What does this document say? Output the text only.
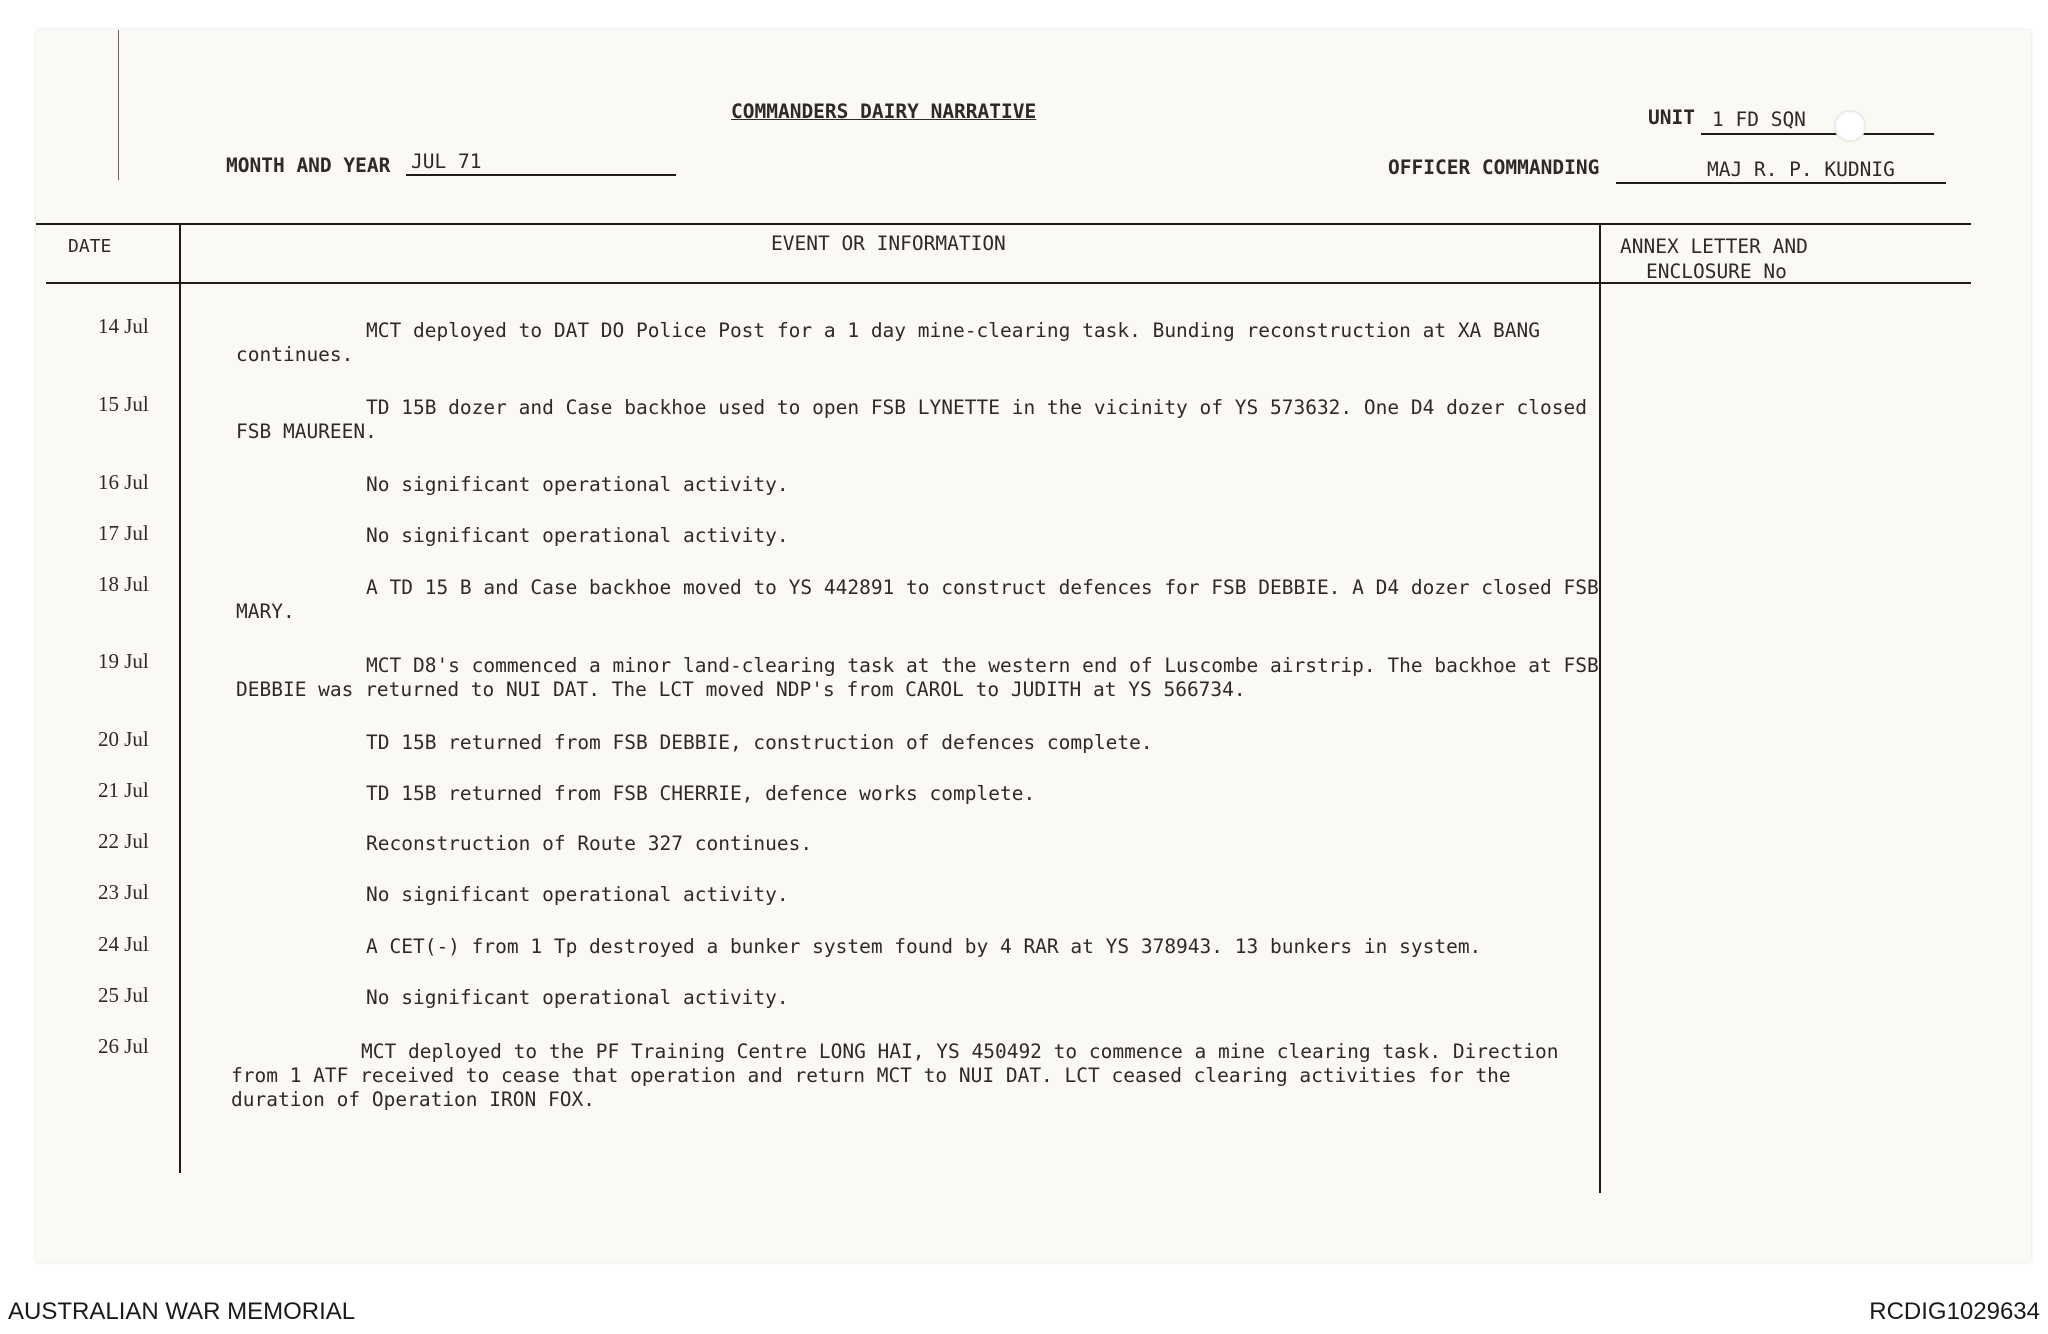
COMMANDERS DAIRY NARRATIVE	UNIT 1 FD SQN
MONTH AND YEAR JUL 71	OFFICER COMMANDING	MAJ R. P. KUDNIG
DATE	EVENT OR INFORMATION	ANNEX LETTER AND
ENCLOSURE No
14 Jul	MCT deployed to DAT DO Police Post for a 1 day mine-clearing task. Bunding reconstruction at XA BANG continues.
15 Jul	TD 15B dozer and Case backhoe used to open FSB LYNETTE in the vicinity of YS 573632. One D4 dozer closed FSB MAUREEN.
16 Jul	No significant operational activity.
17 Jul	No significant operational activity.
18 Jul	A TD 15 B and Case backhoe moved to YS 442891 to construct defences for FSB DEBBIE. A D4 dozer closed FSB MARY.
19 Jul	MCT D8's commenced a minor land-clearing task at the western end of Luscombe airstrip. The backhoe at FSB DEBBIE was returned to NUI DAT. The LCT moved NDP's from CAROL to JUDITH at YS 566734.
20 Jul	TD 15B returned from FSB DEBBIE, construction of defences complete.
21 Jul	TD 15B returned from FSB CHERRIE, defence works complete.
22 Jul	Reconstruction of Route 327 continues.
23 Jul	No significant operational activity.
24 Jul	A CET(-) from 1 Tp destroyed a bunker system found by 4 RAR at YS 378943. 13 bunkers in system.
25 Jul	No significant operational activity.
26 Jul	MCT deployed to the PF Training Centre LONG HAI, YS 450492 to commence a mine clearing task. Direction from 1 ATF received to cease that operation and return MCT to NUI DAT. LCT ceased clearing activities for the duration of Operation IRON FOX.
AUSTRALIAN WAR MEMORIAL	RCDIG1029634
